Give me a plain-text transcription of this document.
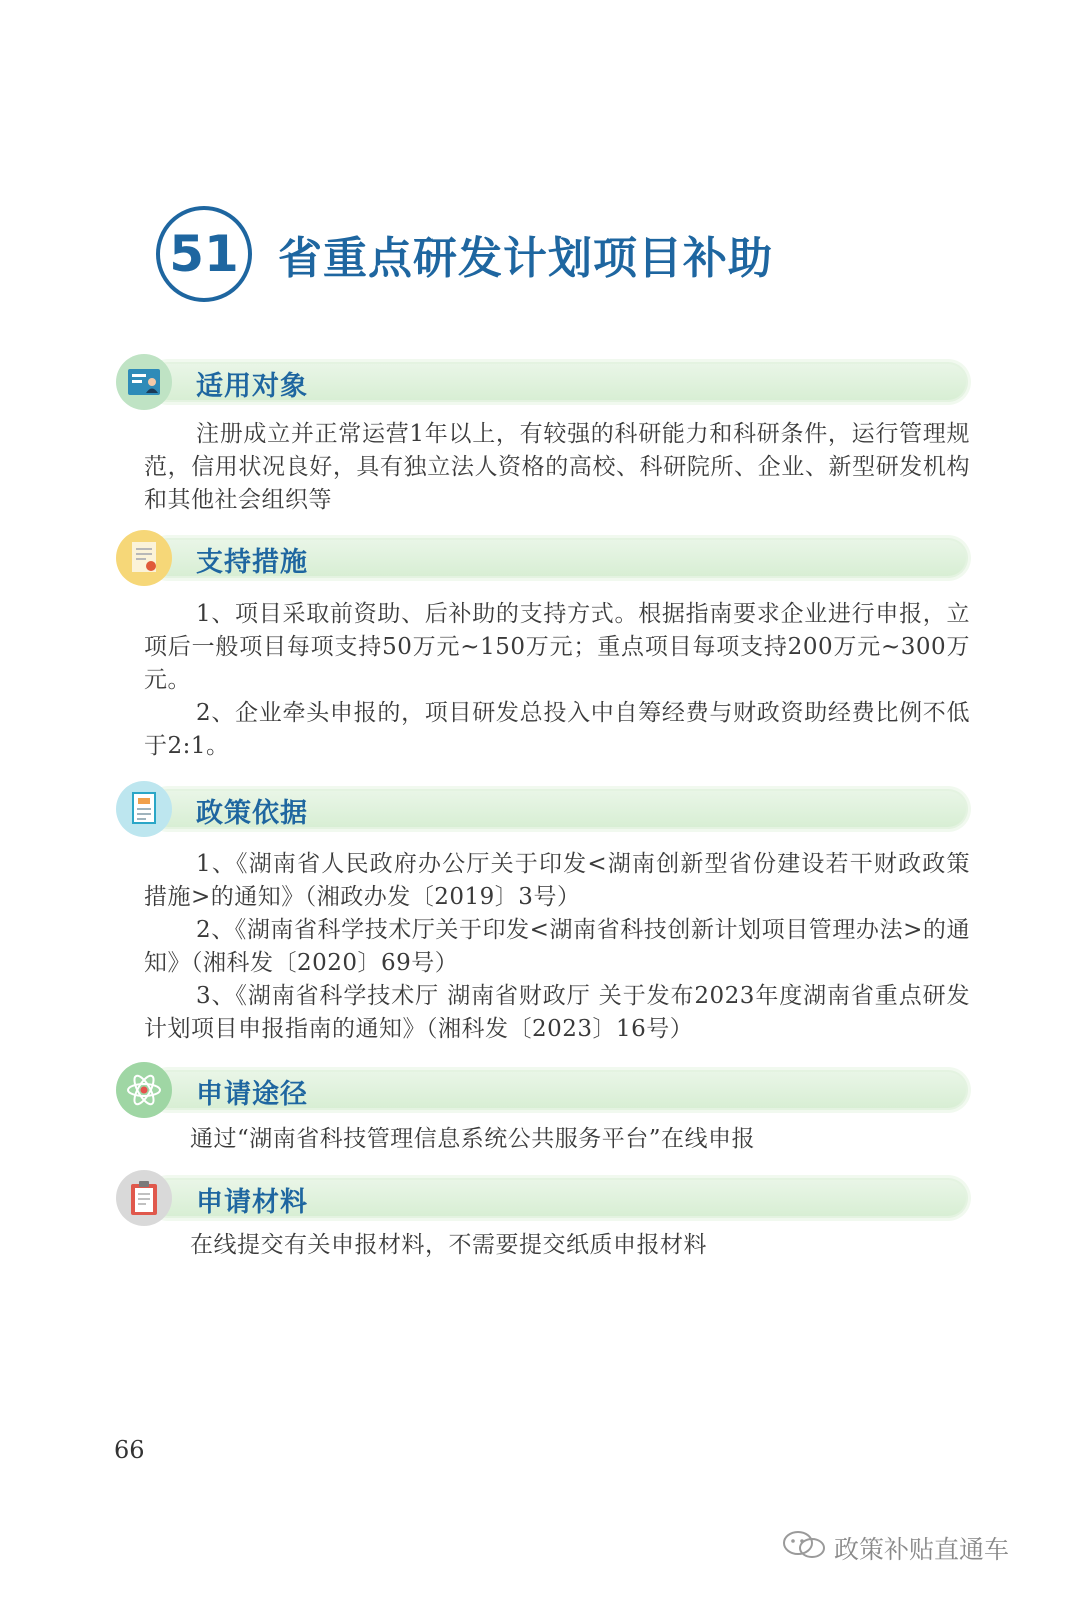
51 省重点研发计划项目补助
适用对象
注册成立并正常运营1年以上，有较强的科研能力和科研条件，运行管理规范，信用状况良好，具有独立法人资格的高校、科研院所、企业、新型研发机构和其他社会组织等
支持措施
1、项目采取前资助、后补助的支持方式。根据指南要求企业进行申报，立项后一般项目每项支持50万元~150万元；重点项目每项支持200万元~300万元。
2、企业牵头申报的，项目研发总投入中自筹经费与财政资助经费比例不低于2:1。
政策依据
1、《湖南省人民政府办公厅关于印发<湖南创新型省份建设若干财政政策措施>的通知》（湘政办发〔2019〕3号）
2、《湖南省科学技术厅关于印发<湖南省科技创新计划项目管理办法>的通知》（湘科发〔2020〕69号）
3、《湖南省科学技术厅 湖南省财政厅 关于发布2023年度湖南省重点研发计划项目申报指南的通知》（湘科发〔2023〕16号）
申请途径
通过“湖南省科技管理信息系统公共服务平台”在线申报
申请材料
在线提交有关申报材料，不需要提交纸质申报材料
66
政策补贴直通车
